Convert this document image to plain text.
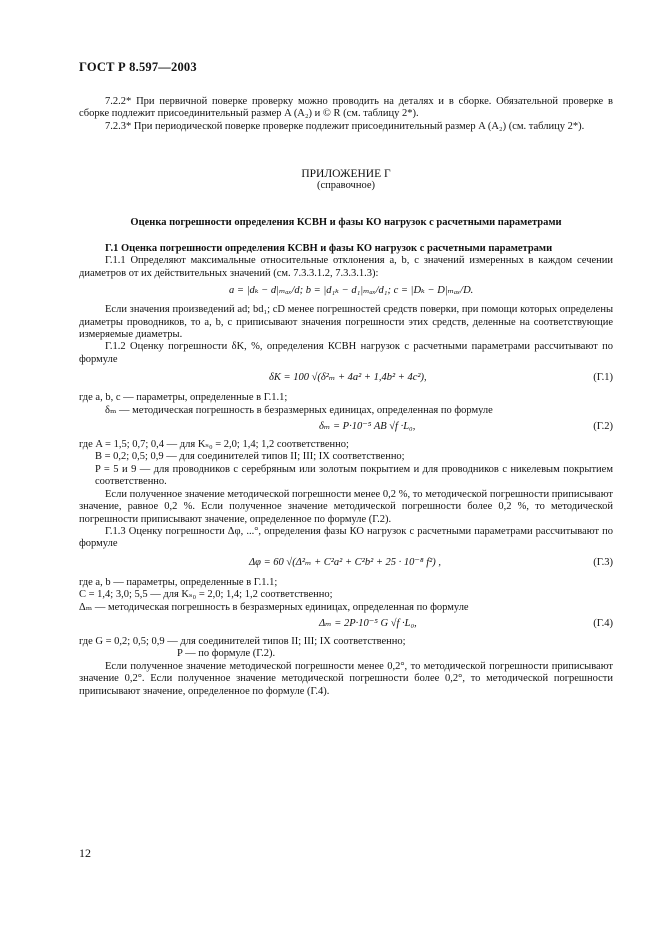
ГОСТ Р 8.597—2003

7.2.2* При первичной поверке проверку можно проводить на деталях и в сборке. Обязательной проверке в сборке подлежит присоединительный размер A (A₂) и © R (см. таблицу 2*).

7.2.3* При периодической поверке проверке подлежит присоединительный размер A (A₂) (см. таблицу 2*).

ПРИЛОЖЕНИЕ Г

(справочное)

Оценка погрешности определения КСВН и фазы КО нагрузок с расчетными параметрами

Г.1 Оценка погрешности определения КСВН и фазы КО нагрузок с расчетными параметрами

Г.1.1 Определяют максимальные относительные отклонения a, b, c значений измеренных в каждом сечении диаметров от их действительных значений (см. 7.3.3.1.2, 7.3.3.1.3):

a = |dₖ − d|ₘₐₓ/d; b = |d₁ₖ − d₁|ₘₐₓ/d₁; c = |Dₖ − D|ₘₐₓ/D.

Если значения произведений ad; bd₁; cD менее погрешностей средств поверки, при помощи которых определены диаметры проводников, то a, b, c приписывают значения погрешности этих средств, деленные на соответствующие измеряемые диаметры.

Г.1.2 Оценку погрешности δK, %, определения КСВН нагрузок с расчетными параметрами рассчитывают по формуле

δK = 100 √(δ²ₘ + 4a² + 1,4b² + 4c²),	(Г.1)

где a, b, c — параметры, определенные в Г.1.1;

δₘ — методическая погрешность в безразмерных единицах, определенная по формуле

δₘ = P·10⁻⁵ AB √f ·L₀,	(Г.2)

где A = 1,5; 0,7; 0,4 — для Kₛ₀ = 2,0; 1,4; 1,2 соответственно;

B = 0,2; 0,5; 0,9 — для соединителей типов II; III; IX соответственно;

P = 5 и 9 — для проводников с серебряным или золотым покрытием и для проводников с никелевым покрытием соответственно.

Если полученное значение методической погрешности менее 0,2 %, то методической погрешности приписывают значение, равное 0,2 %. Если полученное значение методической погрешности более 0,2 %, то методической погрешности приписывают значение, определенное по формуле (Г.2).

Г.1.3 Оценку погрешности Δφ, ...°, определения фазы КО нагрузок с расчетными параметрами рассчитывают по формуле

Δφ = 60 √(Δ²ₘ + C²a² + C²b² + 25 · 10⁻⁸ f²) ,	(Г.3)

где a, b — параметры, определенные в Г.1.1;

C = 1,4; 3,0; 5,5 — для Kₛ₀ = 2,0; 1,4; 1,2 соответственно;

Δₘ — методическая погрешность в безразмерных единицах, определенная по формуле

Δₘ = 2P·10⁻⁵ G √f ·L₀,	(Г.4)

где G = 0,2; 0,5; 0,9 — для соединителей типов II; III; IX соответственно;

P — по формуле (Г.2).

Если полученное значение методической погрешности менее 0,2°, то методической погрешности приписывают значение 0,2°. Если полученное значение методической погрешности более 0,2°, то методической погрешности приписывают значение, определенное по формуле (Г.4).

12
